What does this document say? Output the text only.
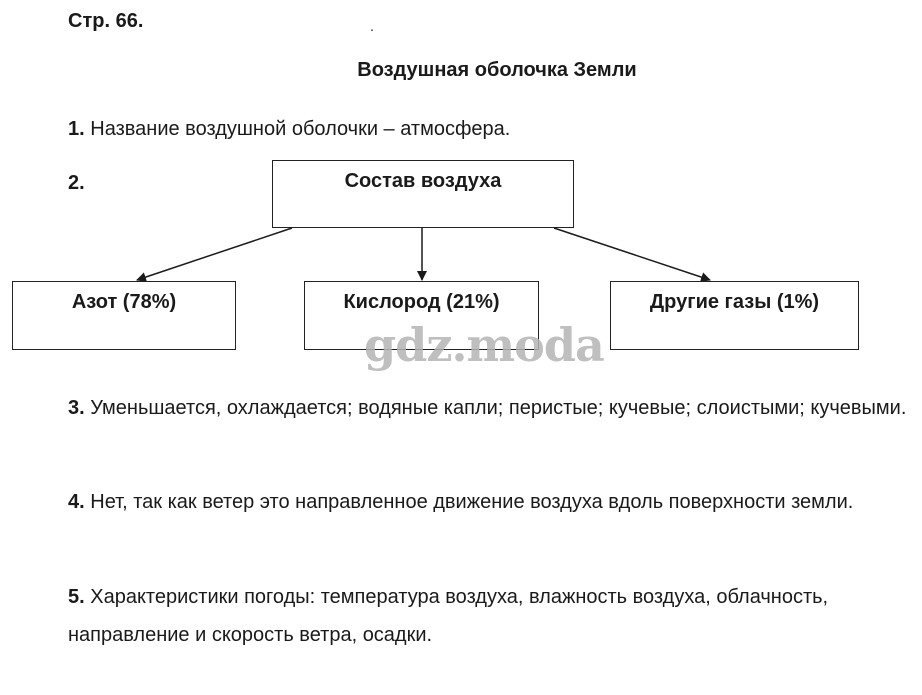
Стр. 66.	.
Воздушная оболочка Земли
1. Название воздушной оболочки – атмосфера.
2.	Состав воздуха
Азот (78%)	Кислород (21%)	Другие газы (1%)
gdz.moda
3. Уменьшается, охлаждается; водяные капли; перистые; кучевые; слоистыми; кучевыми.
4. Нет, так как ветер это направленное движение воздуха вдоль поверхности земли.
5. Характеристики погоды: температура воздуха, влажность воздуха, облачность, направление и скорость ветра, осадки.
